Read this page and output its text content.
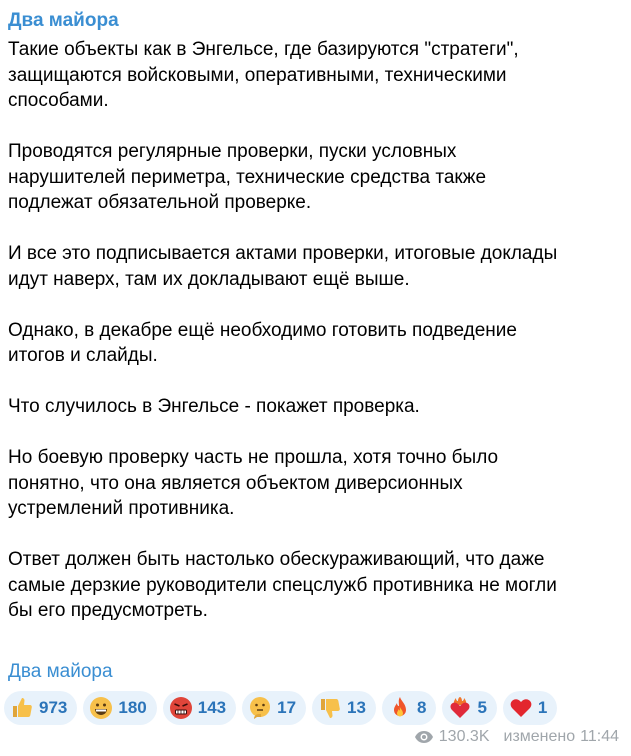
Два майора

Такие объекты как в Энгельсе, где базируются "стратеги",
защищаются войсковыми, оперативными, техническими
способами.

Проводятся регулярные проверки, пуски условных
нарушителей периметра, технические средства также
подлежат обязательной проверке.

И все это подписывается актами проверки, итоговые доклады
идут наверх, там их докладывают ещё выше.

Однако, в декабре ещё необходимо готовить подведение
итогов и слайды.

Что случилось в Энгельсе - покажет проверка.

Но боевую проверку часть не прошла, хотя точно было
понятно, что она является объектом диверсионных
устремлений противника.

Ответ должен быть настолько обескураживающий, что даже
самые дерзкие руководители спецслужб противника не могли
бы его предусмотреть.

Два майора
973	180	143	17	13	8	5	1
130.3K изменено 11:44
